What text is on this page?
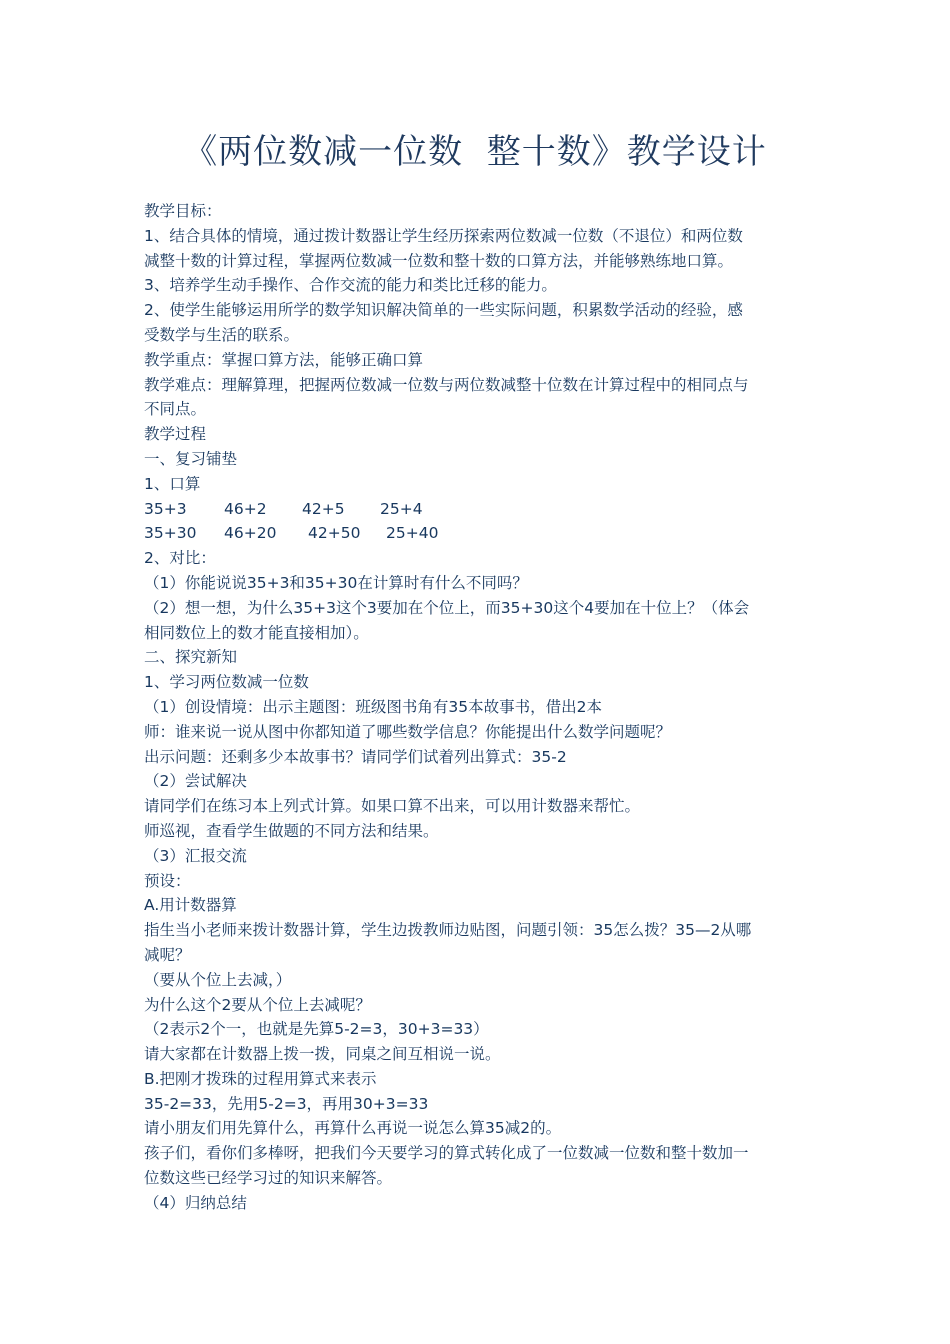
《两位数减一位数  整十数》教学设计
教学目标：
1、结合具体的情境，通过拨计数器让学生经历探索两位数减一位数（不退位）和两位数
减整十数的计算过程，掌握两位数减一位数和整十数的口算方法，并能够熟练地口算。
3、培养学生动手操作、合作交流的能力和类比迁移的能力。
2、使学生能够运用所学的数学知识解决简单的一些实际问题，积累数学活动的经验，感
受数学与生活的联系。
教学重点：掌握口算方法，能够正确口算
教学难点：理解算理，把握两位数减一位数与两位数减整十位数在计算过程中的相同点与
不同点。
教学过程
一、复习铺垫
1、口算
35+3 46+2 42+5 25+4
35+30 46+20 42+50 25+40
2、对比：
（1）你能说说35+3和35+30在计算时有什么不同吗？
（2）想一想，为什么35+3这个3要加在个位上，而35+30这个4要加在十位上？（体会
相同数位上的数才能直接相加）。
二、探究新知
1、学习两位数减一位数
（1）创设情境：出示主题图：班级图书角有35本故事书，借出2本
师：谁来说一说从图中你都知道了哪些数学信息？你能提出什么数学问题呢？
出示问题：还剩多少本故事书？请同学们试着列出算式：35-2
（2）尝试解决
请同学们在练习本上列式计算。如果口算不出来，可以用计数器来帮忙。
师巡视，查看学生做题的不同方法和结果。
（3）汇报交流
预设：
A.用计数器算
指生当小老师来拨计数器计算，学生边拨教师边贴图，问题引领：35怎么拨？35—2从哪
减呢？
（要从个位上去减，）
为什么这个2要从个位上去减呢？
（2表示2个一，也就是先算5-2=3，30+3=33）
请大家都在计数器上拨一拨，同桌之间互相说一说。
B.把刚才拨珠的过程用算式来表示
35-2=33，先用5-2=3，再用30+3=33
请小朋友们用先算什么，再算什么再说一说怎么算35减2的。
孩子们，看你们多棒呀，把我们今天要学习的算式转化成了一位数减一位数和整十数加一
位数这些已经学习过的知识来解答。
（4）归纳总结
